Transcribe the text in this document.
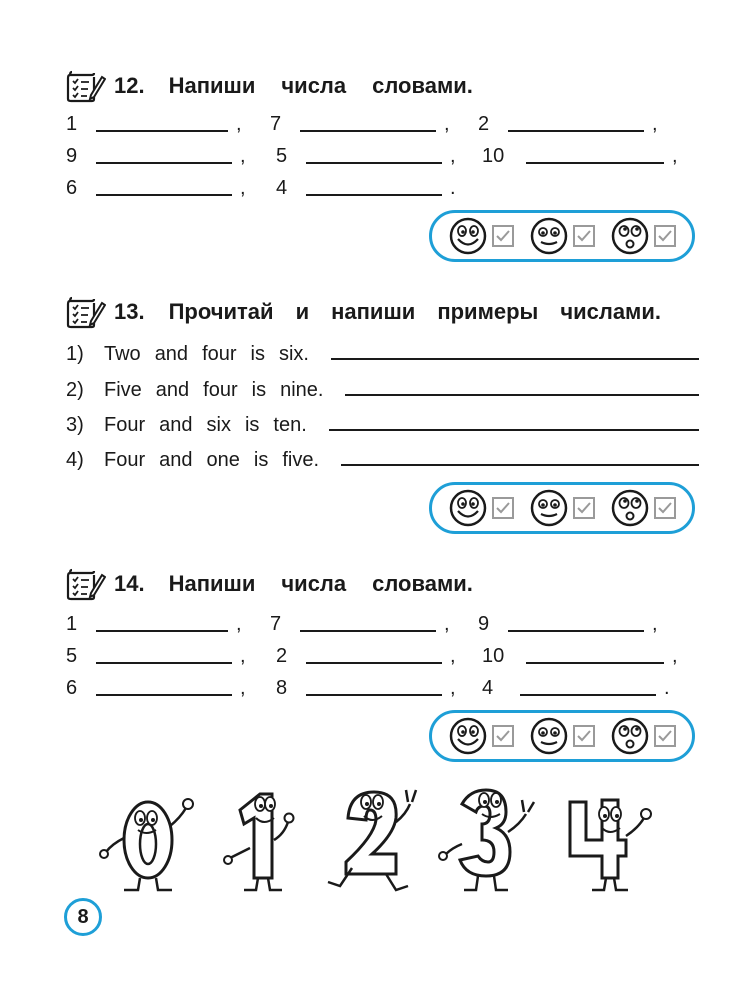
12. Напиши числа словами.
1	, 7	, 2	,
9	, 5	, 10	,
6	, 4	.
13. Прочитай и напиши примеры числами.
1)	Two and four is six.
2)	Five and four is nine.
3)	Four and six is ten.
4)	Four and one is five.
14. Напиши числа словами.
1	, 7	, 9	,
5	, 2	, 10	,
6	, 8	, 4	.
8
